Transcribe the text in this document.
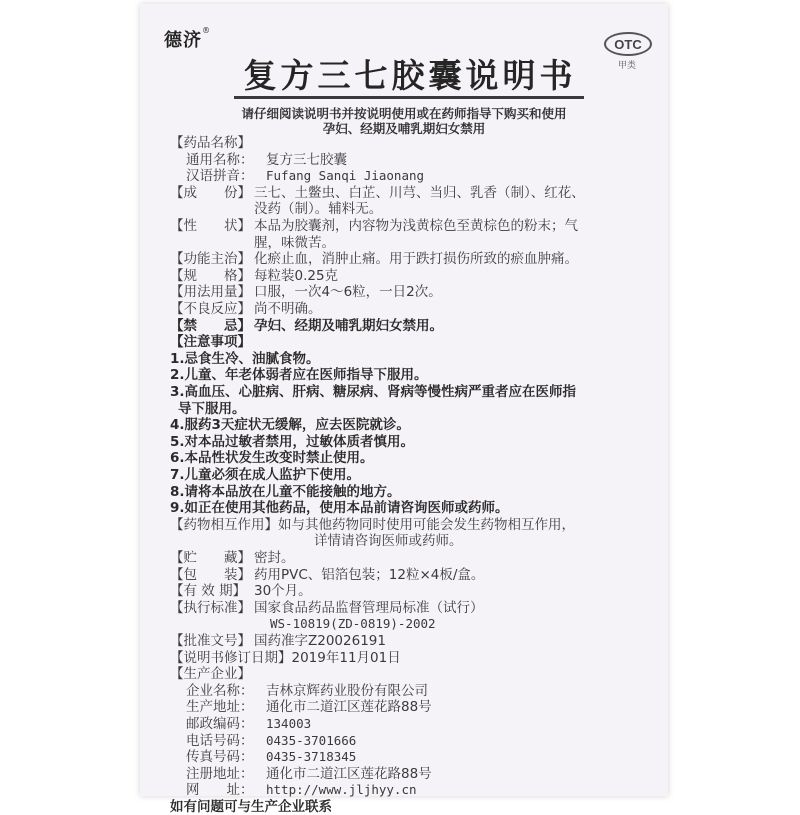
德济®
OTC
甲类
复方三七胶囊说明书
请仔细阅读说明书并按说明使用或在药师指导下购买和使用
孕妇、经期及哺乳期妇女禁用
【药品名称】
通用名称： 复方三七胶囊
汉语拼音： Fufang Sanqi Jiaonang
【成　　份】 三七、土鳖虫、白芷、川芎、当归、乳香（制）、红花、
没药（制）。辅料无。
【性　　状】 本品为胶囊剂，内容物为浅黄棕色至黄棕色的粉末；气
腥，味微苦。
【功能主治】 化瘀止血，消肿止痛。用于跌打损伤所致的瘀血肿痛。
【规　　格】 每粒装0.25克
【用法用量】 口服，一次4～6粒，一日2次。
【不良反应】 尚不明确。
【禁　　忌】 孕妇、经期及哺乳期妇女禁用。
【注意事项】
1.忌食生冷、油腻食物。
2.儿童、年老体弱者应在医师指导下服用。
3.高血压、心脏病、肝病、糖尿病、肾病等慢性病严重者应在医师指
导下服用。
4.服药3天症状无缓解，应去医院就诊。
5.对本品过敏者禁用，过敏体质者慎用。
6.本品性状发生改变时禁止使用。
7.儿童必须在成人监护下使用。
8.请将本品放在儿童不能接触的地方。
9.如正在使用其他药品，使用本品前请咨询医师或药师。
【药物相互作用】如与其他药物同时使用可能会发生药物相互作用，
详情请咨询医师或药师。
【贮　　藏】 密封。
【包　　装】 药用PVC、铝箔包装；12粒×4板/盒。
【有 效 期】 30个月。
【执行标准】 国家食品药品监督管理局标准（试行）
WS-10819(ZD-0819)-2002
【批准文号】 国药准字Z20026191
【说明书修订日期】2019年11月01日
【生产企业】
企业名称： 吉林京辉药业股份有限公司
生产地址： 通化市二道江区莲花路88号
邮政编码： 134003
电话号码： 0435-3701666
传真号码： 0435-3718345
注册地址： 通化市二道江区莲花路88号
网　　址： http://www.jljhyy.cn
如有问题可与生产企业联系
